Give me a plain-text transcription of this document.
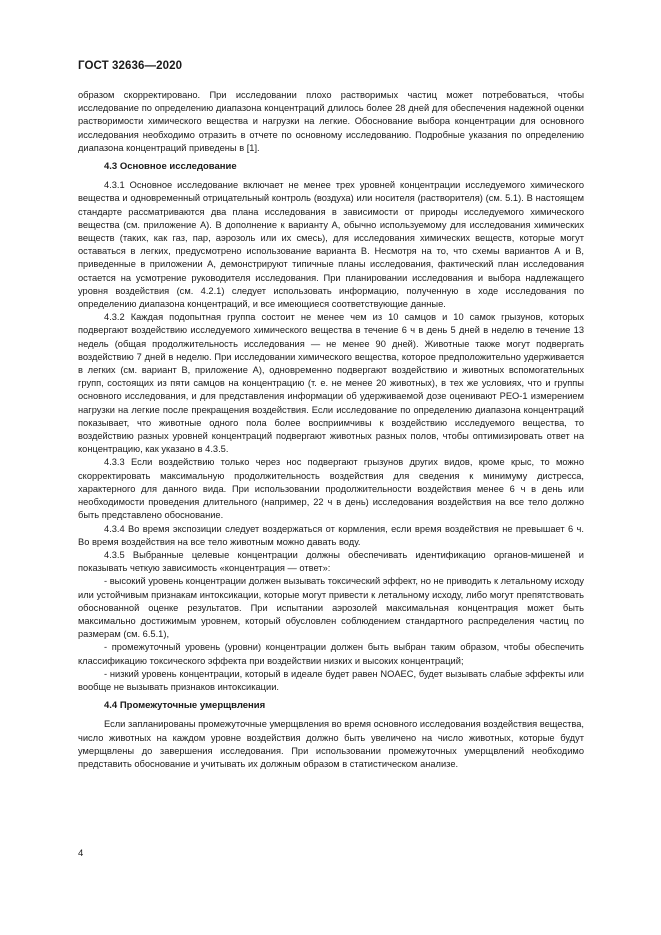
ГОСТ 32636—2020

образом скорректировано. При исследовании плохо растворимых частиц может потребоваться, чтобы исследование по определению диапазона концентраций длилось более 28 дней для обеспечения надежной оценки растворимости химического вещества и нагрузки на легкие. Обоснование выбора концентрации для основного исследования необходимо отразить в отчете по основному исследованию. Подробные указания по определению диапазона концентраций приведены в [1].

4.3 Основное исследование

4.3.1 Основное исследование включает не менее трех уровней концентрации исследуемого химического вещества и одновременный отрицательный контроль (воздуха) или носителя (растворителя) (см. 5.1). В настоящем стандарте рассматриваются два плана исследования в зависимости от природы исследуемого химического вещества (см. приложение А). В дополнение к варианту А, обычно используемому для исследования химических веществ (таких, как газ, пар, аэрозоль или их смесь), для исследования химических веществ, которые могут оставаться в легких, предусмотрено использование варианта В. Несмотря на то, что схемы вариантов А и В, приведенные в приложении А, демонстрируют типичные планы исследования, фактический план исследования остается на усмотрение руководителя исследования. При планировании исследования и выбора надлежащего уровня воздействия (см. 4.2.1) следует использовать информацию, полученную в ходе исследования по определению диапазона концентраций, и все имеющиеся соответствующие данные.

4.3.2 Каждая подопытная группа состоит не менее чем из 10 самцов и 10 самок грызунов, которых подвергают воздействию исследуемого химического вещества в течение 6 ч в день 5 дней в неделю в течение 13 недель (общая продолжительность исследования — не менее 90 дней). Животные также могут подвергать воздействию 7 дней в неделю. При исследовании химического вещества, которое предположительно удерживается в легких (см. вариант В, приложение А), одновременно подвергают воздействию и животных вспомогательных групп, состоящих из пяти самцов на концентрацию (т. е. не менее 20 животных), в тех же условиях, что и группы основного исследования, и для представления информации об удерживаемой дозе оценивают РЕО-1 измерением нагрузки на легкие после прекращения воздействия. Если исследование по определению диапазона концентраций показывает, что животные одного пола более восприимчивы к воздействию исследуемого вещества, то воздействию разных уровней концентраций подвергают животных разных полов, чтобы оптимизировать ответ на концентрацию, как указано в 4.3.5.

4.3.3 Если воздействию только через нос подвергают грызунов других видов, кроме крыс, то можно скорректировать максимальную продолжительность воздействия для сведения к минимуму дистресса, характерного для данного вида. При использовании продолжительности воздействия менее 6 ч в день или необходимости проведения длительного (например, 22 ч в день) исследования воздействия на все тело должно быть представлено обоснование.

4.3.4 Во время экспозиции следует воздержаться от кормления, если время воздействия не превышает 6 ч. Во время воздействия на все тело животным можно давать воду.

4.3.5 Выбранные целевые концентрации должны обеспечивать идентификацию органов-мишеней и показывать четкую зависимость «концентрация — ответ»:

- высокий уровень концентрации должен вызывать токсический эффект, но не приводить к летальному исходу или устойчивым признакам интоксикации, которые могут привести к летальному исходу, либо могут препятствовать обоснованной оценке результатов. При испытании аэрозолей максимальная концентрация может быть максимально достижимым уровнем, который обусловлен соблюдением стандартного распределения частиц по размерам (см. 6.5.1),

- промежуточный уровень (уровни) концентрации должен быть выбран таким образом, чтобы обеспечить классификацию токсического эффекта при воздействии низких и высоких концентраций;

- низкий уровень концентрации, который в идеале будет равен NOAEC, будет вызывать слабые эффекты или вообще не вызывать признаков интоксикации.

4.4 Промежуточные умерщвления

Если запланированы промежуточные умерщвления во время основного исследования воздействия вещества, число животных на каждом уровне воздействия должно быть увеличено на число животных, которые будут умерщвлены до завершения исследования. При использовании промежуточных умерщвлений необходимо представить обоснование и учитывать их должным образом в статистическом анализе.

4
